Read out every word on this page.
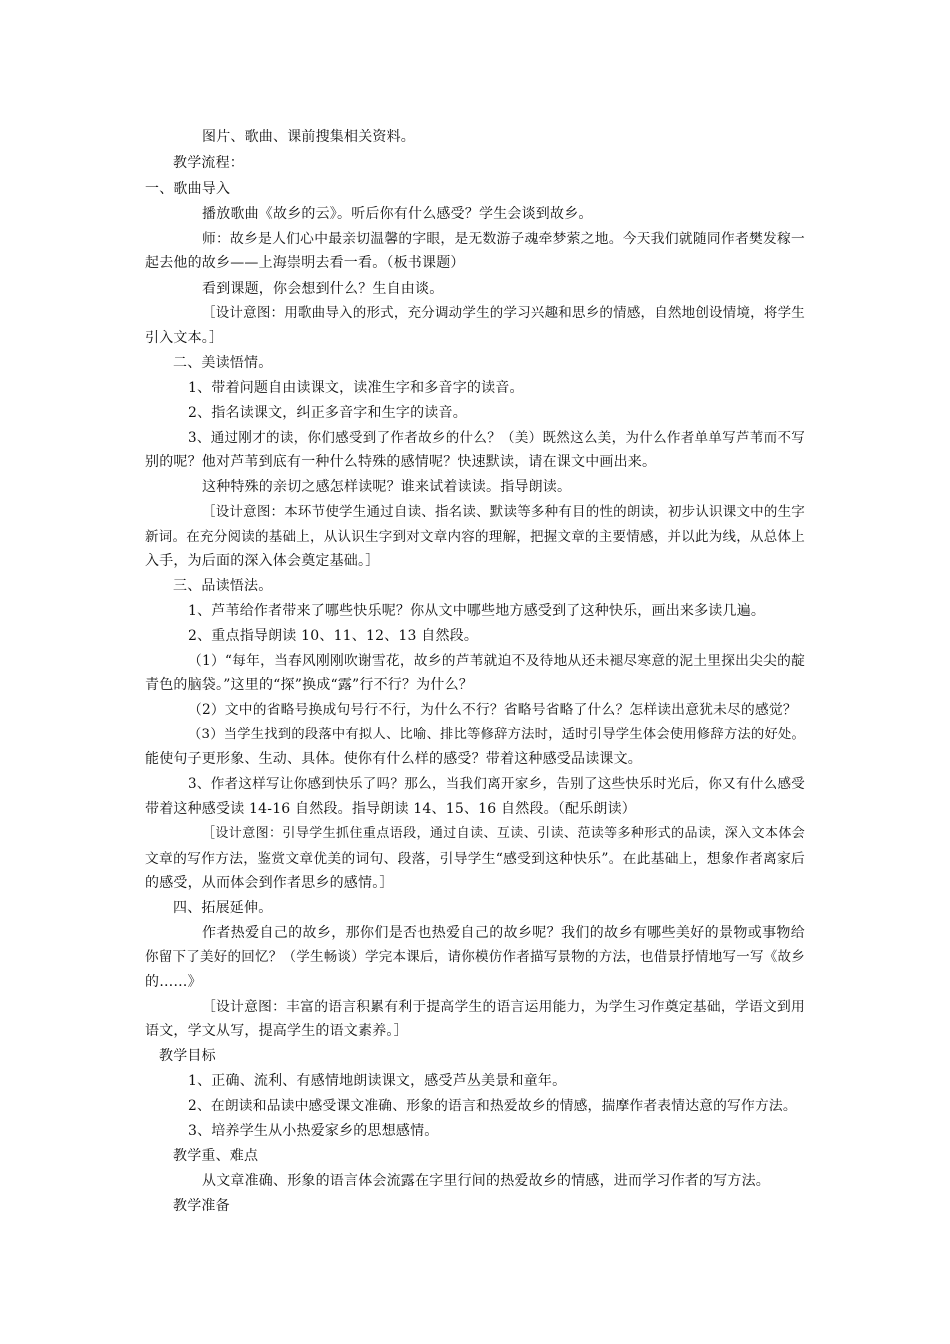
图片、歌曲、课前搜集相关资料。
教学流程：
一、歌曲导入
播放歌曲《故乡的云》。听后你有什么感受？学生会谈到故乡。
师：故乡是人们心中最亲切温馨的字眼，是无数游子魂牵梦萦之地。今天我们就随同作者樊发稼一
起去他的故乡——上海崇明去看一看。（板书课题）
看到课题，你会想到什么？生自由谈。
［设计意图：用歌曲导入的形式，充分调动学生的学习兴趣和思乡的情感，自然地创设情境，将学生
引入文本。］
二、美读悟情。
1、带着问题自由读课文，读准生字和多音字的读音。
2、指名读课文，纠正多音字和生字的读音。
3、通过刚才的读，你们感受到了作者故乡的什么？（美）既然这么美，为什么作者单单写芦苇而不写
别的呢？他对芦苇到底有一种什么特殊的感情呢？快速默读，请在课文中画出来。
这种特殊的亲切之感怎样读呢？谁来试着读读。指导朗读。
［设计意图：本环节使学生通过自读、指名读、默读等多种有目的性的朗读，初步认识课文中的生字
新词。在充分阅读的基础上，从认识生字到对文章内容的理解，把握文章的主要情感，并以此为线，从总体上
入手，为后面的深入体会奠定基础。］
三、品读悟法。
1、芦苇给作者带来了哪些快乐呢？你从文中哪些地方感受到了这种快乐，画出来多读几遍。
2、重点指导朗读 10、11、12、13 自然段。
（1）“每年，当春风刚刚吹谢雪花，故乡的芦苇就迫不及待地从还未褪尽寒意的泥土里探出尖尖的靛
青色的脑袋。”这里的“探”换成“露”行不行？为什么？
（2）文中的省略号换成句号行不行，为什么不行？省略号省略了什么？怎样读出意犹未尽的感觉？
（3）当学生找到的段落中有拟人、比喻、排比等修辞方法时，适时引导学生体会使用修辞方法的好处。
能使句子更形象、生动、具体。使你有什么样的感受？带着这种感受品读课文。
3、作者这样写让你感到快乐了吗？那么，当我们离开家乡，告别了这些快乐时光后，你又有什么感受
带着这种感受读 14-16 自然段。指导朗读 14、15、16 自然段。（配乐朗读）
［设计意图：引导学生抓住重点语段，通过自读、互读、引读、范读等多种形式的品读，深入文本体会
文章的写作方法，鉴赏文章优美的词句、段落，引导学生“感受到这种快乐”。在此基础上，想象作者离家后
的感受，从而体会到作者思乡的感情。］
四、拓展延伸。
作者热爱自己的故乡，那你们是否也热爱自己的故乡呢？我们的故乡有哪些美好的景物或事物给
你留下了美好的回忆？（学生畅谈）学完本课后，请你模仿作者描写景物的方法，也借景抒情地写一写《故乡
的……》
［设计意图：丰富的语言积累有利于提高学生的语言运用能力，为学生习作奠定基础，学语文到用
语文，学文从写，提高学生的语文素养。］
教学目标
1、正确、流利、有感情地朗读课文，感受芦丛美景和童年。
2、在朗读和品读中感受课文准确、形象的语言和热爱故乡的情感，揣摩作者表情达意的写作方法。
3、培养学生从小热爱家乡的思想感情。
教学重、难点
从文章准确、形象的语言体会流露在字里行间的热爱故乡的情感，进而学习作者的写方法。
教学准备
